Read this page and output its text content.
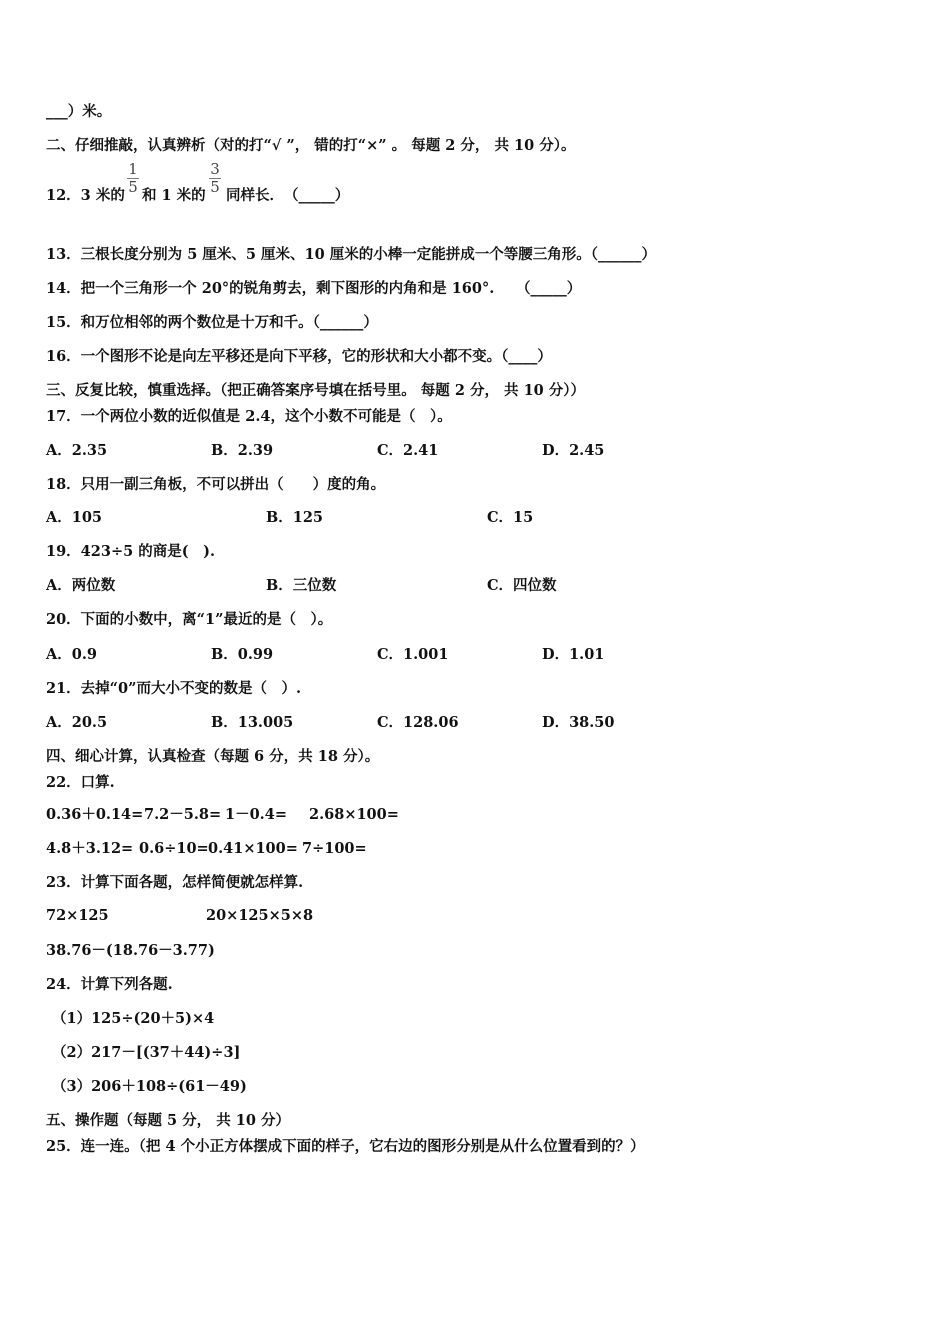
___）米。
二、仔细推敲，认真辨析（对的打“√ ”， 错的打“×” 。 每题 2 分， 共 10 分）。
12．3 米的
1
5 和 1 米的
3
5 同样长．　（_____）
13．三根长度分别为 5 厘米、5 厘米、10 厘米的小棒一定能拼成一个等腰三角形。（______）
14．把一个三角形一个 20°的锐角剪去，剩下图形的内角和是 160°.　　（_____）
15．和万位相邻的两个数位是十万和千。（______）
16．一个图形不论是向左平移还是向下平移，它的形状和大小都不变。（____）
三、反复比较，慎重选择。（把正确答案序号填在括号里。 每题 2 分， 共 10 分））
17．一个两位小数的近似值是 2.4，这个小数不可能是（　）。
A．2.35	B．2.39	C．2.41	D．2.45
18．只用一副三角板，不可以拼出（　　）度的角。
A．105	B．125	C．15
19．423÷5 的商是(　).
A．两位数	B．三位数	C．四位数
20．下面的小数中，离“1”最近的是（　）。
A．0.9	B．0.99	C．1.001	D．1.01
21．去掉“0”而大小不变的数是（　）.
A．20.5	B．13.005	C．128.06	D．38.50
四、细心计算，认真检查（每题 6 分，共 18 分）。
22．口算.
0.36＋0.14= 7.2－5.8= 1－0.4= 2.68×100=
4.8＋3.12= 0.6÷10= 0.41×100= 7÷100=
23．计算下面各题，怎样简便就怎样算.
72×125	20×125×5×8
38.76－(18.76－3.77)
24．计算下列各题.
（1）125÷(20＋5)×4
（2）217－[(37＋44)÷3]
（3）206＋108÷(61－49)
五、操作题（每题 5 分， 共 10 分）
25．连一连。（把 4 个小正方体摆成下面的样子，它右边的图形分别是从什么位置看到的？）
